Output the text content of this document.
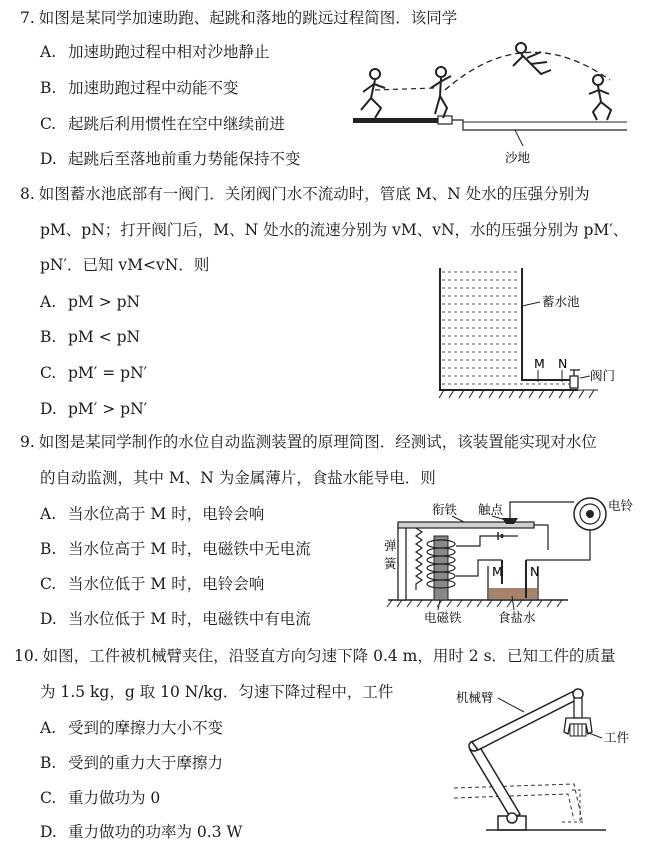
7. 如图是某同学加速助跑、起跳和落地的跳远过程简图．该同学
A. 加速助跑过程中相对沙地静止
B. 加速助跑过程中动能不变
C. 起跳后利用惯性在空中继续前进
D. 起跳后至落地前重力势能保持不变	沙地
8. 如图蓄水池底部有一阀门．关闭阀门水不流动时，管底 M、N 处水的压强分别为
pM、pN；打开阀门后，M、N 处水的流速分别为 vM、vN，水的压强分别为 pM′、
pN′．已知 vM<vN．则
A. pM > pN
B. pM < pN
C. pM′ = pN′
D. pM′ > pN′
蓄水池
M N
阀门
9. 如图是某同学制作的水位自动监测装置的原理简图．经测试，该装置能实现对水位
的自动监测，其中 M、N 为金属薄片，食盐水能导电．则
A. 当水位高于 M 时，电铃会响
B. 当水位高于 M 时，电磁铁中无电流
C. 当水位低于 M 时，电铃会响
D. 当水位低于 M 时，电磁铁中有电流
衔铁 触点	电铃
弹
簧
M N
电磁铁	食盐水
10. 如图，工件被机械臂夹住，沿竖直方向匀速下降 0.4 m，用时 2 s．已知工件的质量
为 1.5 kg，g 取 10 N/kg．匀速下降过程中，工件
A. 受到的摩擦力大小不变
B. 受到的重力大于摩擦力
C. 重力做功为 0
D. 重力做功的功率为 0.3 W
机械臂
工件
